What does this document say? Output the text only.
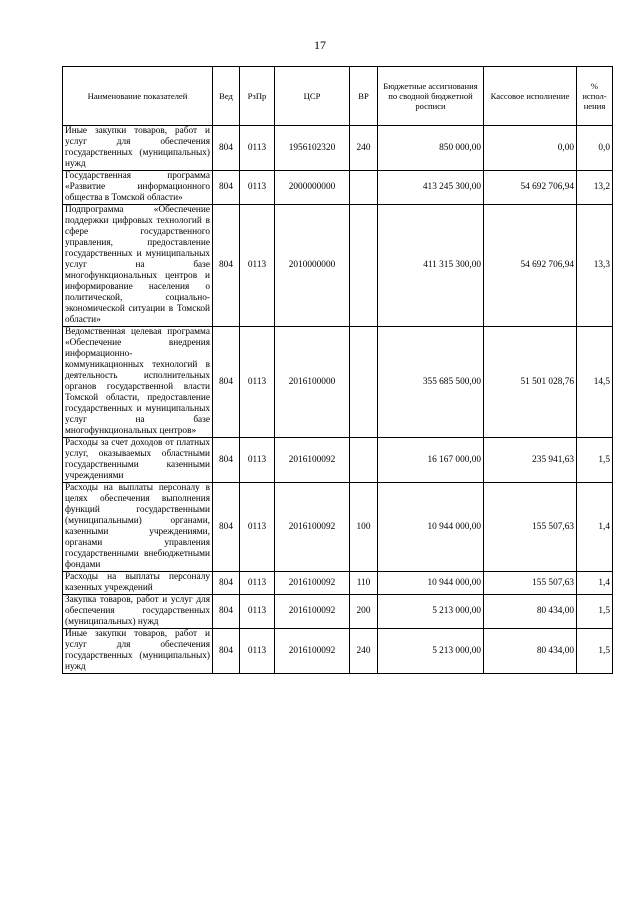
17
Наименование показателей	Вед	РзПр	ЦСР	ВР	Бюджетные ассигнования по сводной бюджетной росписи	Кассовое исполнение	% испол-нения
Иные закупки товаров, работ и услуг для обеспечения государственных (муниципальных) нужд	804	0113	1956102320	240	850 000,00	0,00	0,0
Государственная программа «Развитие информационного общества в Томской области»	804	0113	2000000000		413 245 300,00	54 692 706,94	13,2
Подпрограмма «Обеспечение поддержки цифровых технологий в сфере государственного управления, предоставление государственных и муниципальных услуг на базе многофункциональных центров и информирование населения о политической, социально-экономической ситуации в Томской области»	804	0113	2010000000		411 315 300,00	54 692 706,94	13,3
Ведомственная целевая программа «Обеспечение внедрения информационно-коммуникационных технологий в деятельность исполнительных органов государственной власти Томской области, предоставление государственных и муниципальных услуг на базе многофункциональных центров»	804	0113	2016100000		355 685 500,00	51 501 028,76	14,5
Расходы за счет доходов от платных услуг, оказываемых областными государственными казенными учреждениями	804	0113	2016100092		16 167 000,00	235 941,63	1,5
Расходы на выплаты персоналу в целях обеспечения выполнения функций государственными (муниципальными) органами, казенными учреждениями, органами управления государственными внебюджетными фондами	804	0113	2016100092	100	10 944 000,00	155 507,63	1,4
Расходы на выплаты персоналу казенных учреждений	804	0113	2016100092	110	10 944 000,00	155 507,63	1,4
Закупка товаров, работ и услуг для обеспечения государственных (муниципальных) нужд	804	0113	2016100092	200	5 213 000,00	80 434,00	1,5
Иные закупки товаров, работ и услуг для обеспечения государственных (муниципальных) нужд	804	0113	2016100092	240	5 213 000,00	80 434,00	1,5
